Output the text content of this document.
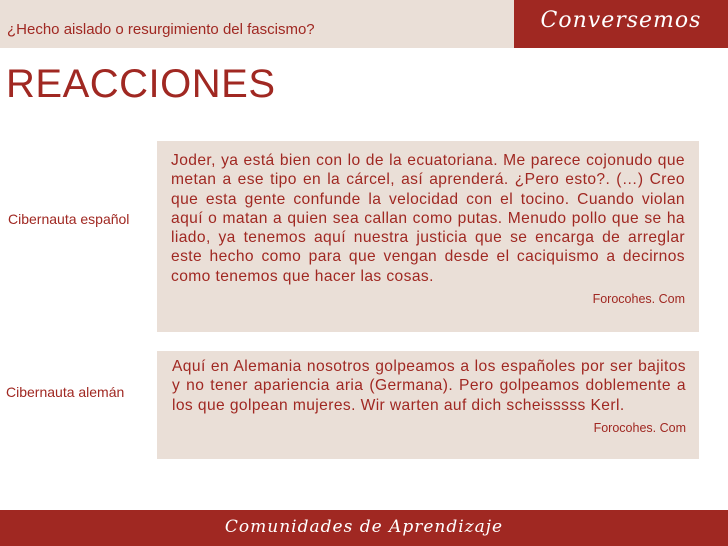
¿Hecho aislado o resurgimiento del fascismo?	Conversemos
REACCIONES
Cibernauta español

Joder, ya está bien con lo de la ecuatoriana. Me parece cojonudo que metan a ese tipo en la cárcel, así aprenderá. ¿Pero esto?. (…) Creo que esta gente confunde la velocidad con el tocino. Cuando violan aquí o matan a quien sea callan como putas. Menudo pollo que se ha liado, ya tenemos aquí nuestra justicia que se encarga de arreglar este hecho como para que vengan desde el caciquismo a decirnos como tenemos que hacer las cosas.

Forocohes. Com
Cibernauta alemán

Aquí en Alemania nosotros golpeamos a los españoles por ser bajitos y no tener apariencia aria (Germana). Pero golpeamos doblemente a los que golpean mujeres. Wir warten auf dich scheisssss Kerl.

Forocohes. Com
Comunidades de Aprendizaje
